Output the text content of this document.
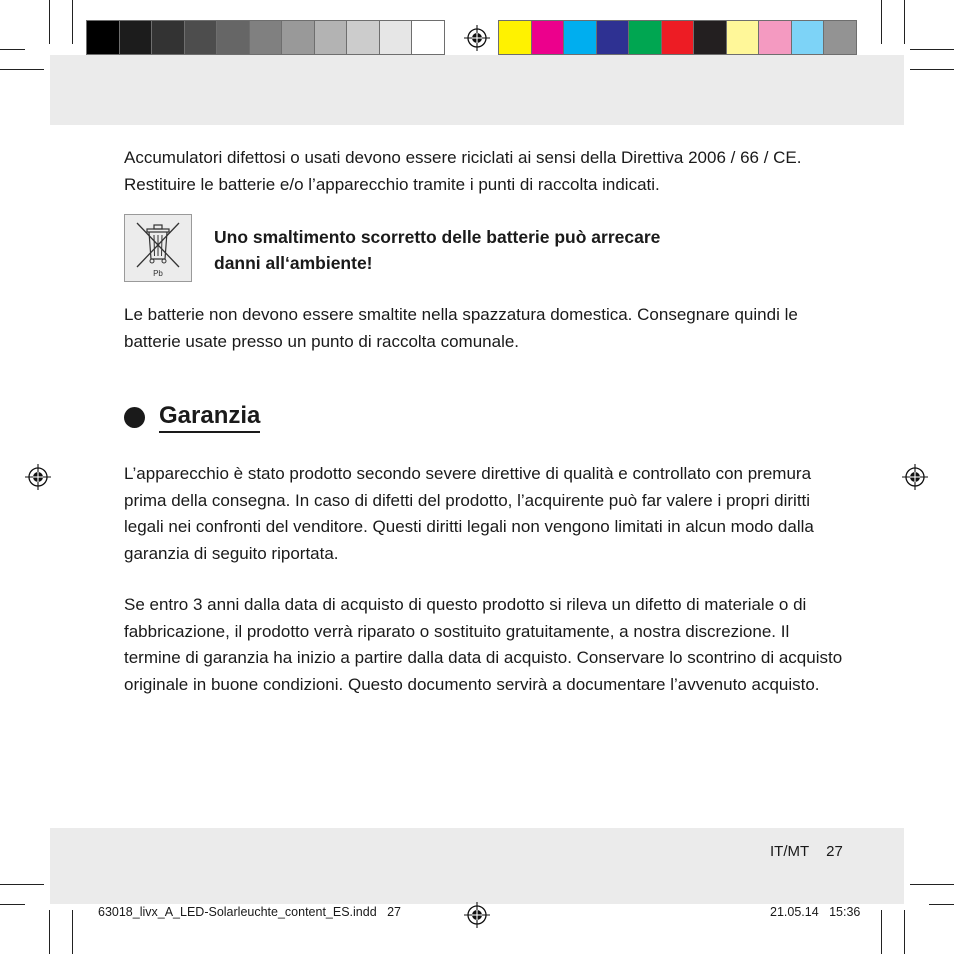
Accumulatori difettosi o usati devono essere riciclati ai sensi della Direttiva 2006 / 66 / CE. Restituire le batterie e/o l’apparecchio tramite i punti di raccolta indicati.

Pb

Uno smaltimento scorretto delle batterie può arrecare danni all‘ambiente!

Le batterie non devono essere smaltite nella spazzatura domestica. Consegnare quindi le batterie usate presso un punto di raccolta comunale.

Garanzia

L’apparecchio è stato prodotto secondo severe direttive di qualità e controllato con premura prima della consegna. In caso di difetti del prodotto, l’acquirente può far valere i propri diritti legali nei confronti del venditore. Questi diritti legali non vengono limitati in alcun modo dalla garanzia di seguito riportata.

Se entro 3 anni dalla data di acquisto di questo prodotto si rileva un difetto di materiale o di fabbricazione, il prodotto verrà riparato o sostituito gratuitamente, a nostra discrezione. Il termine di garanzia ha inizio a partire dalla data di acquisto. Conservare lo scontrino di acquisto originale in buone condizioni. Questo documento servirà a documentare l’avvenuto acquisto.

IT/MT 27
63018_livx_A_LED-Solarleuchte_content_ES.indd   27	21.05.14   15:36
